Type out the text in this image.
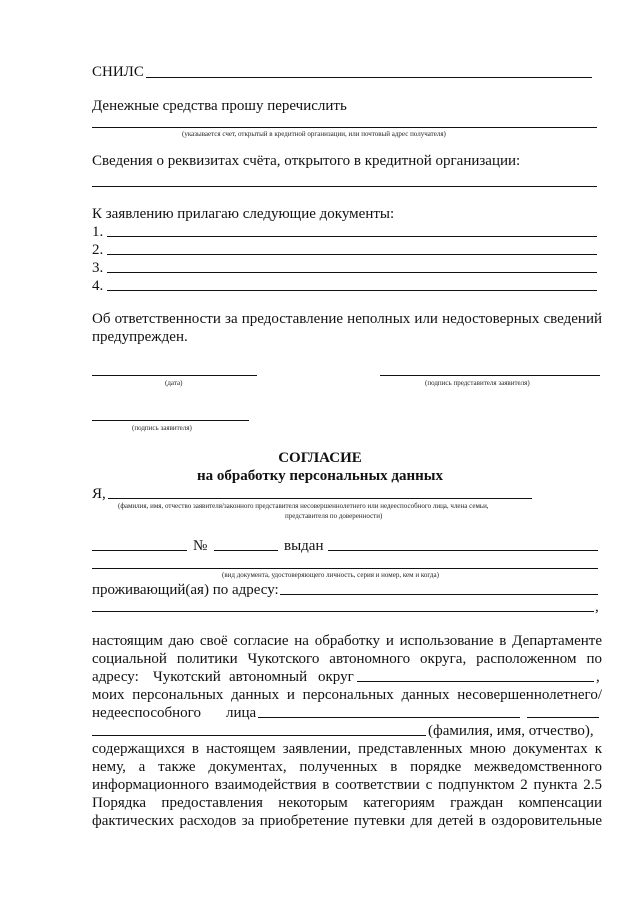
СНИЛС
Денежные средства прошу перечислить
(указывается счет, открытый в кредитной организации, или почтовый адрес получателя)
Сведения о реквизитах счёта, открытого в кредитной организации:
К заявлению прилагаю следующие документы:
1.
2.
3.
4.
Об ответственности за предоставление неполных или недостоверных сведений
предупрежден.
(дата)	(подпись представителя заявителя)
(подпись заявителя)
СОГЛАСИЕ
на обработку персональных данных
Я,
(фамилия, имя, отчество заявителя/законного представителя несовершеннолетнего или недееспособного лица, члена семьи,
представителя по доверенности)
№	выдан
(вид документа, удостоверяющего личность, серия и номер, кем и когда)
проживающий(ая) по адресу:
,
настоящим даю своё согласие на обработку и использование в Департаменте
социальной политики Чукотского автономного округа, расположенном по
адресу: Чукотский автономный округ	,
моих персональных данных и персональных данных несовершеннолетнего/
недееспособного лица
(фамилия, имя, отчество),
содержащихся в настоящем заявлении, представленных мною документах к
нему, а также документах, полученных в порядке межведомственного
информационного взаимодействия в соответствии с подпунктом 2 пункта 2.5
Порядка предоставления некоторым категориям граждан компенсации
фактических расходов за приобретение путевки для детей в оздоровительные
